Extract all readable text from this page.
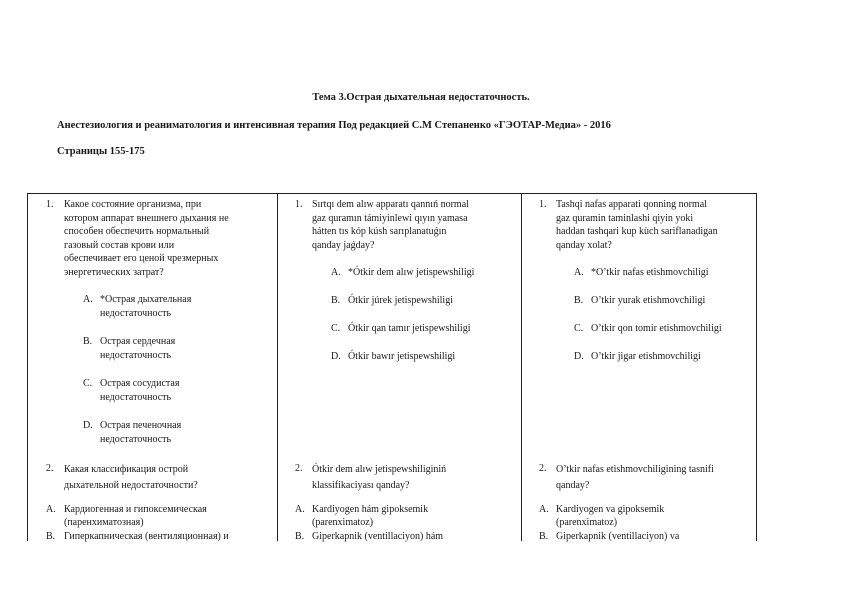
Тема 3.Острая дыхательная недостаточность.
Анестезиология и реаниматология и интенсивная терапия Под редакцией С.М Степаненко «ГЭОТАР-Медиа» - 2016
Страницы 155-175
1. Какое состояние организма, при
котором аппарат внешнего дыхания не
способен обеспечить нормальный
газовый состав крови или
обеспечивает его ценой чрезмерных
энергетических затрат?
A. *Острая дыхательная
недостаточность
B. Острая сердечная
недостаточность
C. Острая сосудистая
недостаточность
D. Острая печеночная
недостаточность
2. Какая классификация острой
дыхательной недостаточности?
A. Кардиогенная и гипоксемическая
(паренхиматозная)
B. Гиперкапническая (вентиляционная) и
1. Sırtqı dem alıw apparatı qannıń normal
gaz quramın támiyinlewi qıyın yamasa
hátten tıs kóp kúsh sarıplanatuǵın
qanday jaǵday?
A. *Ótkir dem alıw jetispewshiligi
B. Ótkir júrek jetispewshiligi
C. Ótkir qan tamır jetispewshiligi
D. Ótkir bawır jetispewshiligi
2. Ótkir dem alıw jetispewshiliginiń
klassifikaciyası qanday?
A. Kardiyogen hám gipoksemik
(parenximatoz)
B. Giperkapnik (ventillaciyon) hám
1. Tashqi nafas apparati qonning normal
gaz quramin taminlashi qiyin yoki
haddan tashqari kup kùch sariflanadigan
qanday xolat?
A. *O’tkir nafas etishmovchiligi
B. O’tkir yurak etishmovchiligi
C. O’tkir qon tomir etishmovchiligi
D. O’tkir jigar etishmovchiligi
2. O’tkir nafas etishmovchiligining tasnifi
qanday?
A. Kardiyogen va gipoksemik
(parenximatoz)
B. Giperkapnik (ventillaciyon) va
